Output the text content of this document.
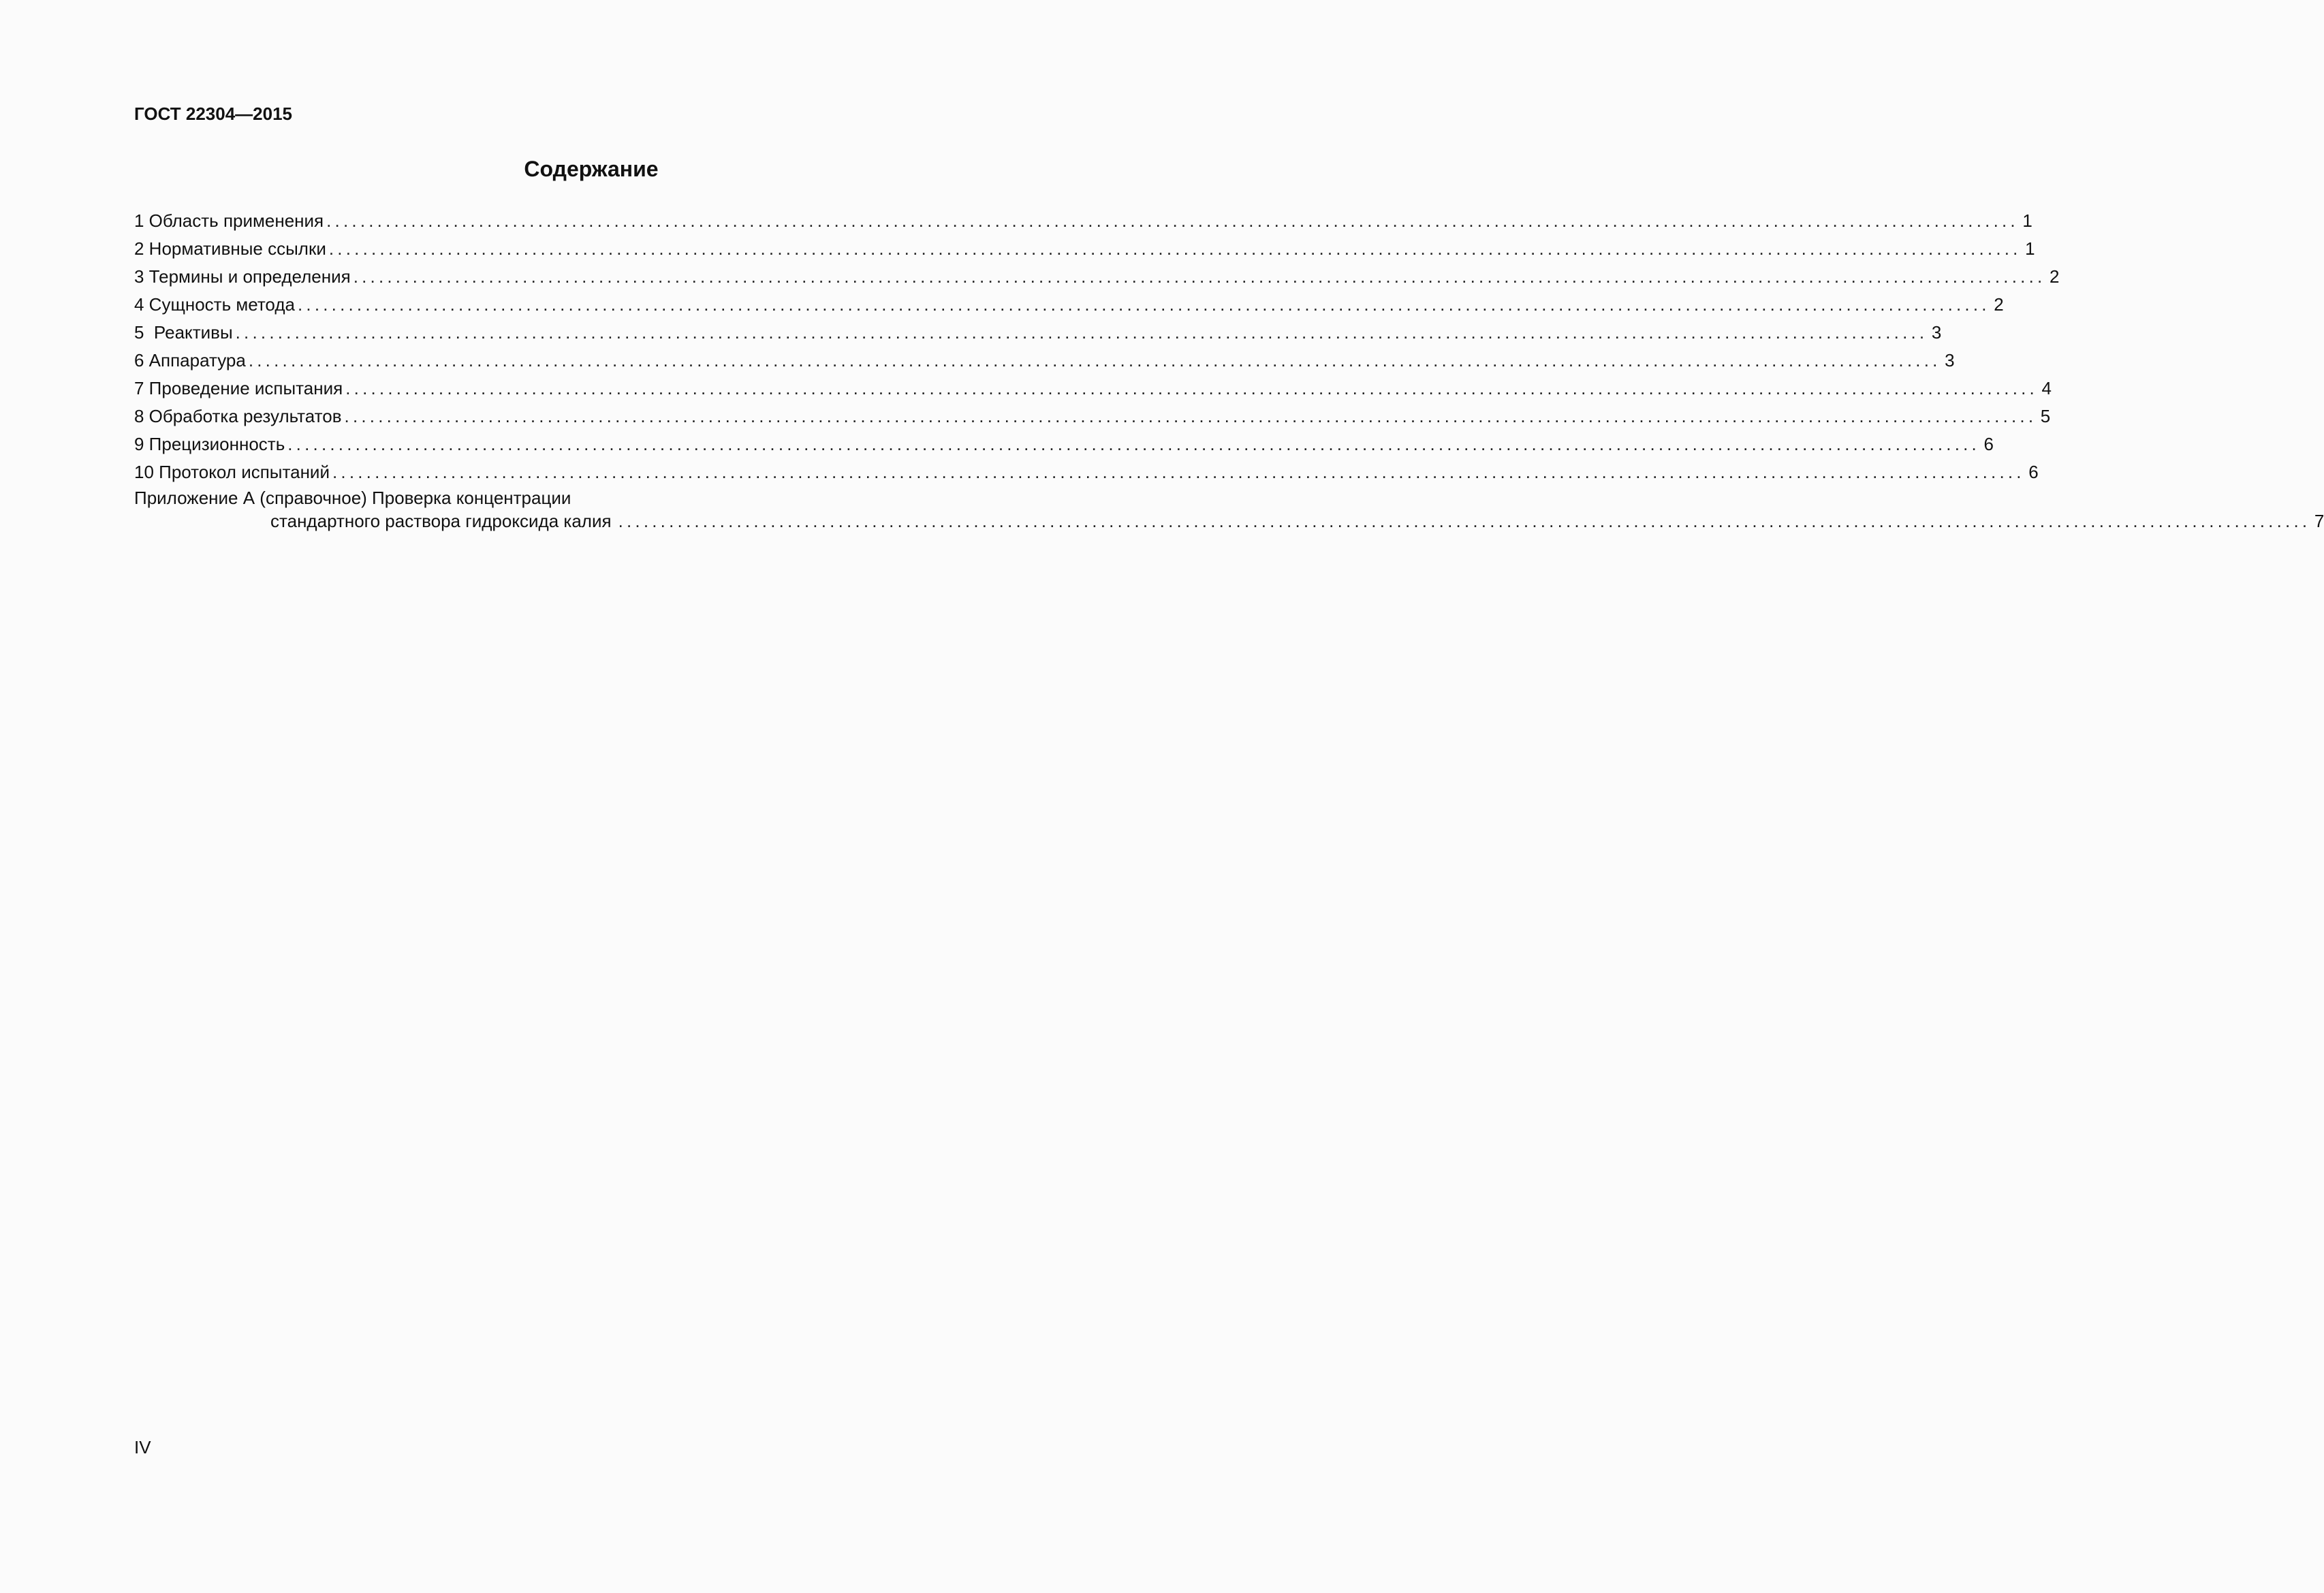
ГОСТ 22304—2015
Содержание
1 Область применения ........................................................................................................................................................................................................ 1
2 Нормативные ссылки ........................................................................................................................................................................................................ 1
3 Термины и определения ........................................................................................................................................................................................................ 2
4 Сущность метода ........................................................................................................................................................................................................ 2
5  Реактивы ........................................................................................................................................................................................................ 3
6 Аппаратура ........................................................................................................................................................................................................ 3
7 Проведение испытания ........................................................................................................................................................................................................ 4
8 Обработка результатов ........................................................................................................................................................................................................ 5
9 Прецизионность ........................................................................................................................................................................................................ 6
10 Протокол испытаний ........................................................................................................................................................................................................ 6
Приложение А (справочное) Проверка концентрации
стандартного раствора гидроксида калия ........................................................................................................................................................................................................ 7
IV
